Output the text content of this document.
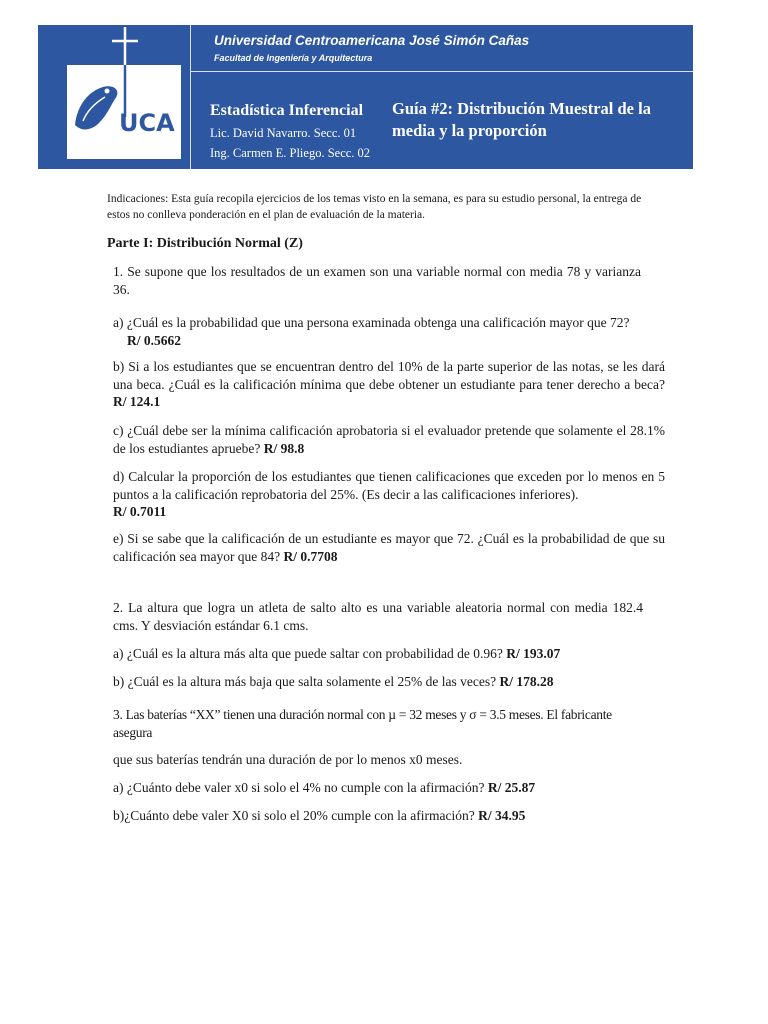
UCA
Universidad Centroamericana José Simón Cañas
Facultad de Ingeniería y Arquitectura
Estadística Inferencial
Lic. David Navarro. Secc. 01
Ing. Carmen E. Pliego. Secc. 02
Guía #2: Distribución Muestral de la media y la proporción

Indicaciones: Esta guía recopila ejercicios de los temas visto en la semana, es para su estudio personal, la entrega de estos no conlleva ponderación en el plan de evaluación de la materia.

Parte I: Distribución Normal (Z)

1. Se supone que los resultados de un examen son una variable normal con media 78 y varianza 36.

a) ¿Cuál es la probabilidad que una persona examinada obtenga una calificación mayor que 72?
R/ 0.5662

b) Si a los estudiantes que se encuentran dentro del 10% de la parte superior de las notas, se les dará una beca. ¿Cuál es la calificación mínima que debe obtener un estudiante para tener derecho a beca? R/ 124.1

c) ¿Cuál debe ser la mínima calificación aprobatoria si el evaluador pretende que solamente el 28.1% de los estudiantes apruebe? R/ 98.8

d) Calcular la proporción de los estudiantes que tienen calificaciones que exceden por lo menos en 5 puntos a la calificación reprobatoria del 25%. (Es decir a las calificaciones inferiores).
R/ 0.7011

e) Si se sabe que la calificación de un estudiante es mayor que 72. ¿Cuál es la probabilidad de que su calificación sea mayor que 84? R/ 0.7708

2. La altura que logra un atleta de salto alto es una variable aleatoria normal con media 182.4 cms. Y desviación estándar 6.1 cms.

a) ¿Cuál es la altura más alta que puede saltar con probabilidad de 0.96? R/ 193.07

b) ¿Cuál es la altura más baja que salta solamente el 25% de las veces? R/ 178.28

3. Las baterías “XX” tienen una duración normal con µ = 32 meses y σ = 3.5 meses. El fabricante asegura

que sus baterías tendrán una duración de por lo menos x0 meses.

a) ¿Cuánto debe valer x0 si solo el 4% no cumple con la afirmación? R/ 25.87

b)¿Cuánto debe valer X0 si solo el 20% cumple con la afirmación? R/ 34.95
